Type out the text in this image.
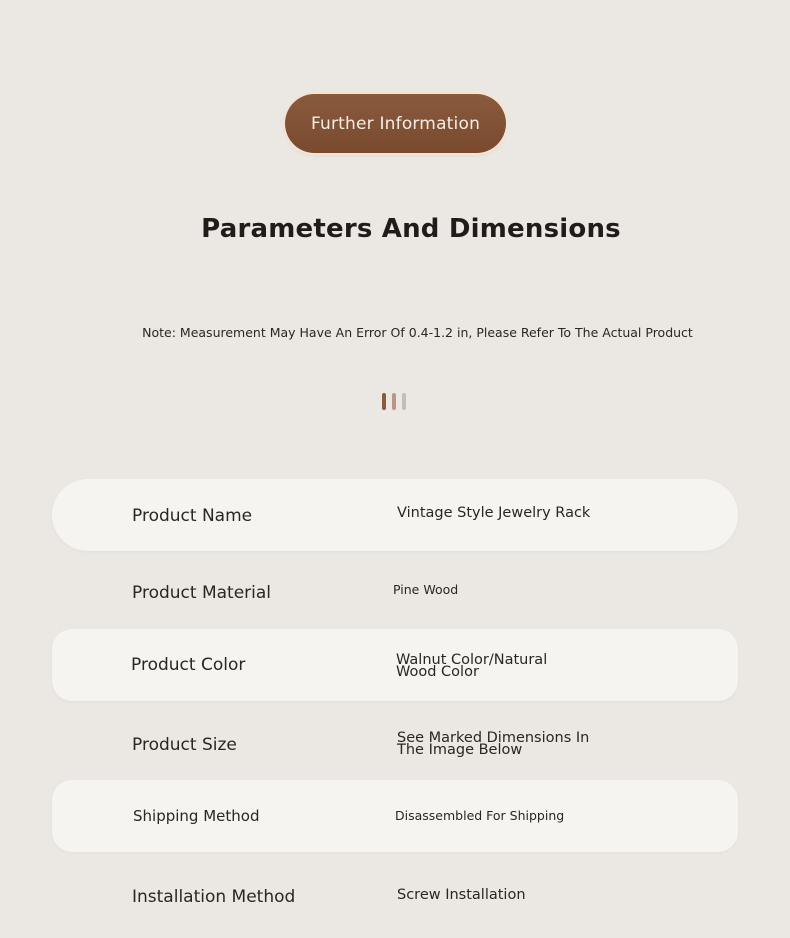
Further Information
Parameters And Dimensions
Note: Measurement May Have An Error Of 0.4-1.2 in, Please Refer To The Actual Product
Product Name	Vintage Style Jewelry Rack
Product Material	Pine Wood
Product Color	Walnut Color/Natural Wood Color
Product Size	See Marked Dimensions In The Image Below
Shipping Method	Disassembled For Shipping
Installation Method	Screw Installation
